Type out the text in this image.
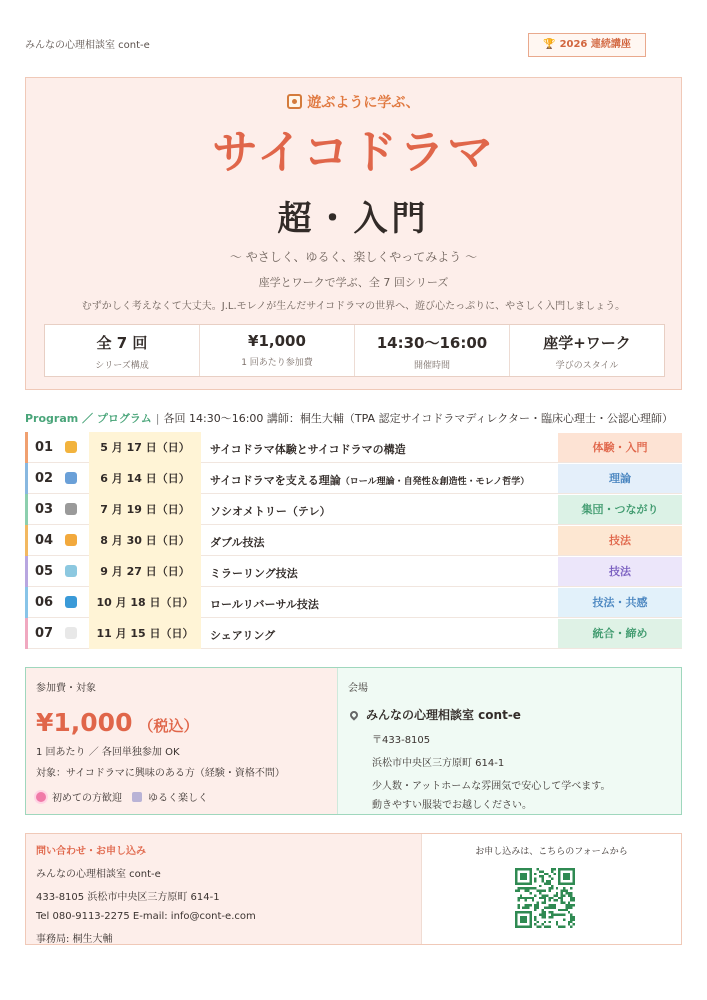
みんなの心理相談室 cont-e	🏆 2026 連続講座
遊ぶように学ぶ、
サイコドラマ
超・入門
〜 やさしく、ゆるく、楽しくやってみよう 〜
座学とワークで学ぶ、全 7 回シリーズ
むずかしく考えなくて大丈夫。J.L.モレノが生んだサイコドラマの世界へ、遊び心たっぷりに、やさしく入門しましょう。
全 7 回
シリーズ構成
¥1,000
1 回あたり参加費
14:30〜16:00
開催時間
座学+ワーク
学びのスタイル
Program ／ プログラム | 各回 14:30〜16:00 講師：桐生大輔（TPA 認定サイコドラマディレクター・臨床心理士・公認心理師）
01	5 月 17 日（日）	サイコドラマ体験とサイコドラマの構造	体験・入門
02	6 月 14 日（日）	サイコドラマを支える理論（ロール理論・自発性＆創造性・モレノ哲学）	理論
03	7 月 19 日（日）	ソシオメトリー（テレ）	集団・つながり
04	8 月 30 日（日）	ダブル技法	技法
05	9 月 27 日（日）	ミラーリング技法	技法
06	10 月 18 日（日）	ロールリバーサル技法	技法・共感
07	11 月 15 日（日）	シェアリング	統合・締め
参加費・対象
¥1,000 （税込）
1 回あたり ／ 各回単独参加 OK
対象：サイコドラマに興味のある方（経験・資格不問）
初めての方歓迎	ゆるく楽しく
会場
みんなの心理相談室 cont-e
〒433-8105
浜松市中央区三方原町 614-1
少人数・アットホームな雰囲気で安心して学べます。
動きやすい服装でお越しください。
問い合わせ・お申し込み
みんなの心理相談室 cont-e
433-8105 浜松市中央区三方原町 614-1
Tel 080-9113-2275 E-mail: info@cont-e.com
事務局: 桐生大輔
お申し込みは、こちらのフォームから
